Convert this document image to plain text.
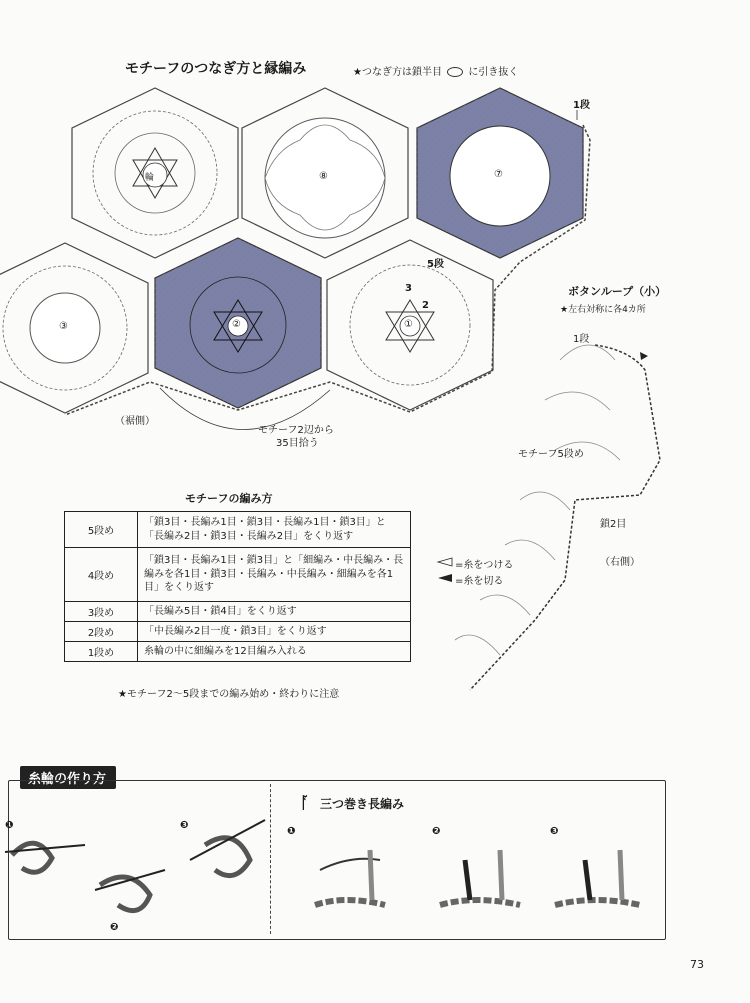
モチーフのつなぎ方と縁編み	★つなぎ方は鎖半目	に引き抜く
輪	⑧	⑦
③	②	①
1段
5段
3
2
（裾側）
モチーフ2辺から
35目拾う
ボタンループ（小）
★左右対称に各4カ所
1段
モチーフ5段め
鎖2目
（右側）
=糸をつける
=糸を切る
モチーフの編み方
5段め	「鎖3目・長編み1目・鎖3目・長編み1目・鎖3目」と「長編み2目・鎖3目・長編み2目」をくり返す
4段め	「鎖3目・長編み1目・鎖3目」と「細編み・中長編み・長編みを各1目・鎖3目・長編み・中長編み・細編みを各1目」をくり返す
3段め	「長編み5目・鎖4目」をくり返す
2段め	「中長編み2目一度・鎖3目」をくり返す
1段め	糸輪の中に細編みを12目編み入れる
★モチーフ2〜5段までの編み始め・終わりに注意
糸輪の作り方
❶
❷
❸
ᚪ 三つ巻き長編み
❶	❷	❸
73
